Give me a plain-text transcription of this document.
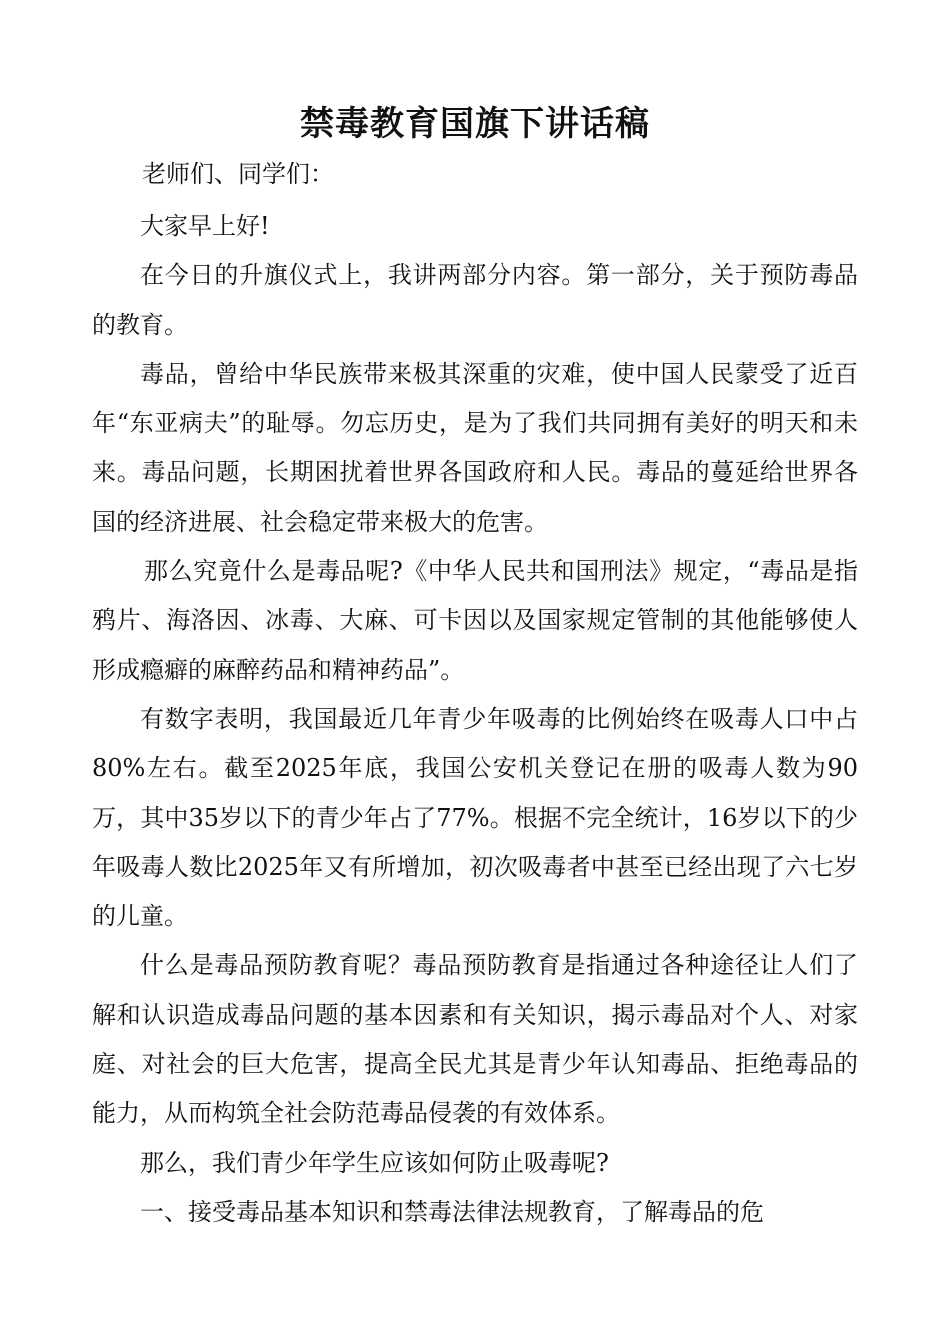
禁毒教育国旗下讲话稿
老师们、同学们：

大家早上好!

在今日的升旗仪式上，我讲两部分内容。第一部分，关于预防毒品的教育。

毒品，曾给中华民族带来极其深重的灾难，使中国人民蒙受了近百年“东亚病夫”的耻辱。勿忘历史，是为了我们共同拥有美好的明天和未来。毒品问题，长期困扰着世界各国政府和人民。毒品的蔓延给世界各国的经济进展、社会稳定带来极大的危害。

那么究竟什么是毒品呢?《中华人民共和国刑法》规定，“毒品是指鸦片、海洛因、冰毒、大麻、可卡因以及国家规定管制的其他能够使人形成瘾癖的麻醉药品和精神药品”。

有数字表明，我国最近几年青少年吸毒的比例始终在吸毒人口中占80%左右。截至2025年底，我国公安机关登记在册的吸毒人数为90万，其中35岁以下的青少年占了77%。根据不完全统计，16岁以下的少年吸毒人数比2025年又有所增加，初次吸毒者中甚至已经出现了六七岁的儿童。

什么是毒品预防教育呢？毒品预防教育是指通过各种途径让人们了解和认识造成毒品问题的基本因素和有关知识，揭示毒品对个人、对家庭、对社会的巨大危害，提高全民尤其是青少年认知毒品、拒绝毒品的能力，从而构筑全社会防范毒品侵袭的有效体系。

那么，我们青少年学生应该如何防止吸毒呢?

一、接受毒品基本知识和禁毒法律法规教育，了解毒品的危
